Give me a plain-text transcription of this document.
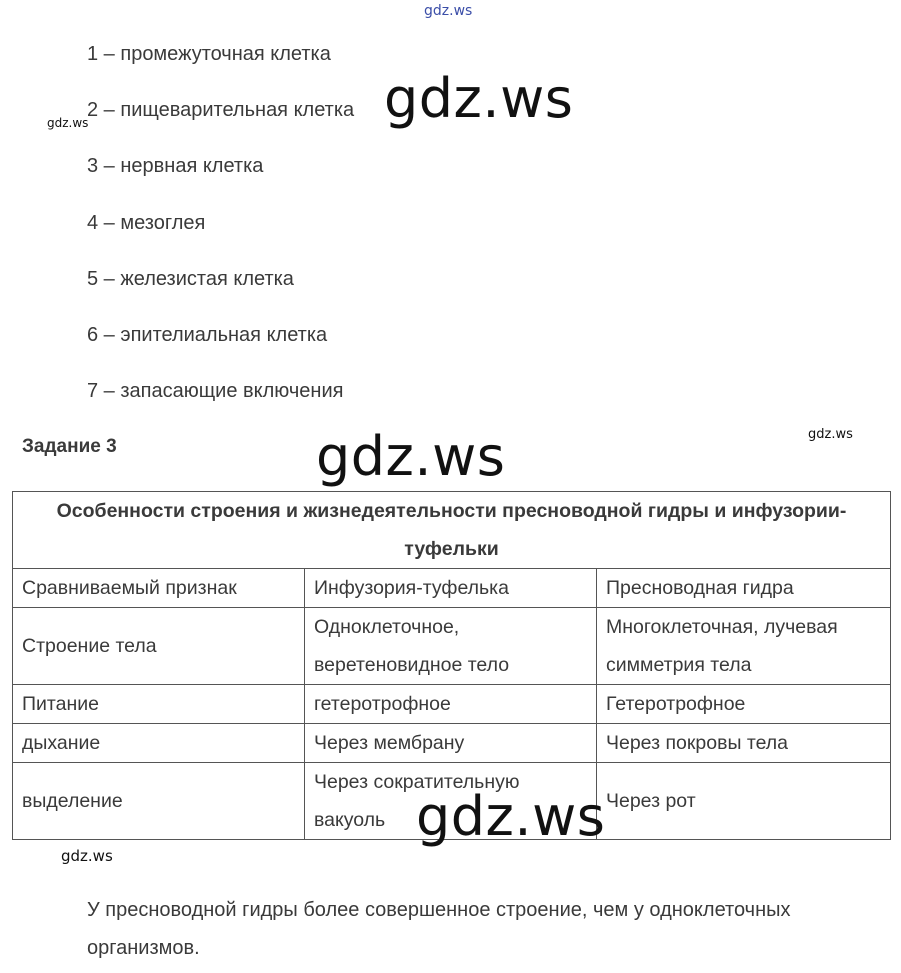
gdz.ws
gdz.ws
gdz.ws
1 – промежуточная клетка
2 – пищеварительная клетка
3 – нервная клетка
4 – мезоглея
5 – железистая клетка
6 – эпителиальная клетка
7 – запасающие включения
Задание 3	gdz.ws	gdz.ws
Особенности строения и жизнедеятельности пресноводной гидры и инфузории-туфельки		
Сравниваемый признак	Инфузория-туфелька	Пресноводная гидра
Строение тела	Одноклеточное, веретеновидное тело	Многоклеточная, лучевая симметрия тела
Питание	гетеротрофное	Гетеротрофное
дыхание	Через мембрану	Через покровы тела
выделение	Через сократительную вакуоль	Через рот
gdz.ws
gdz.ws
У пресноводной гидры более совершенное строение, чем у одноклеточных организмов.
